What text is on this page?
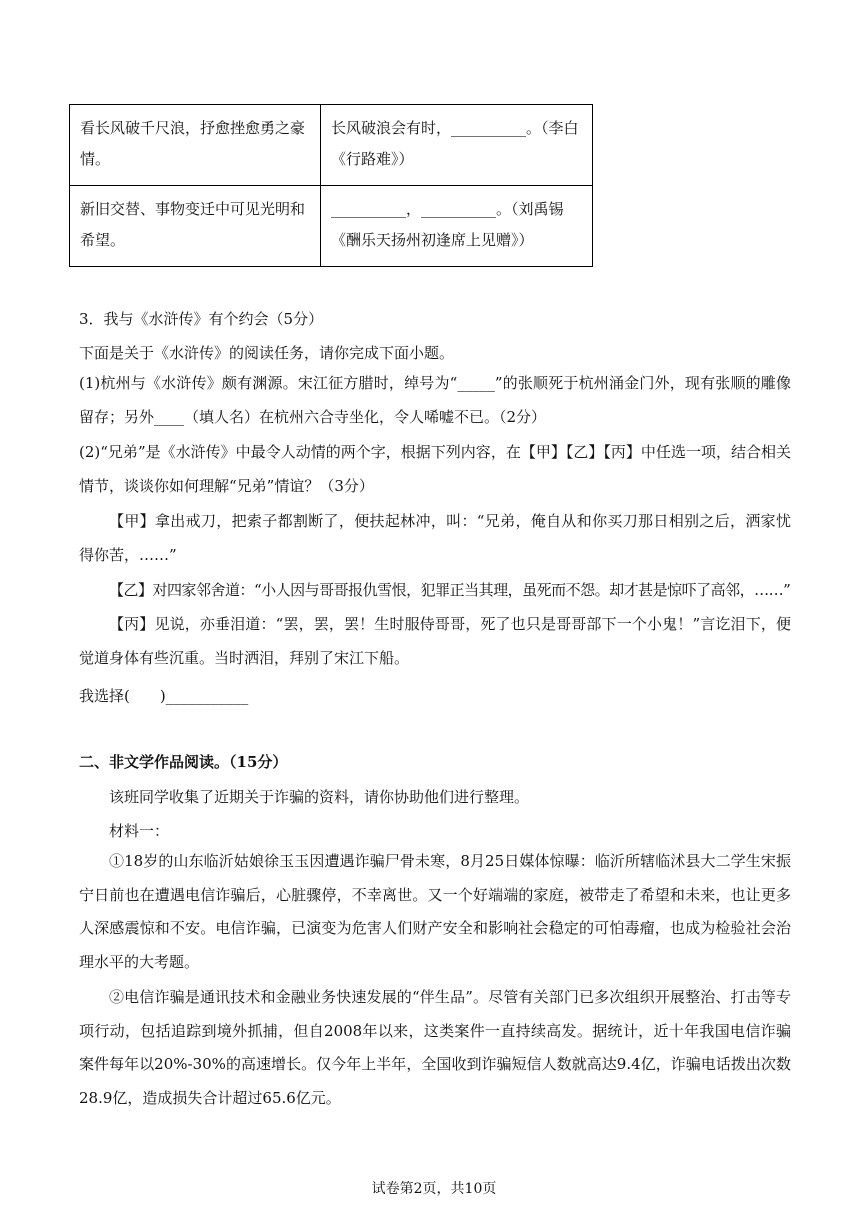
看长风破千尺浪，抒愈挫愈勇之豪情。	长风破浪会有时，__________。（李白《行路难》）
新旧交替、事物变迁中可见光明和希望。	__________，__________。（刘禹锡《酬乐天扬州初逢席上见赠》）
3．我与《水浒传》有个约会（5分）
下面是关于《水浒传》的阅读任务，请你完成下面小题。
(1)杭州与《水浒传》颇有渊源。宋江征方腊时，绰号为“_____”的张顺死于杭州涌金门外，现有张顺的雕像留存；另外____（填人名）在杭州六合寺坐化，令人唏嘘不已。（2分）
(2)“兄弟”是《水浒传》中最令人动情的两个字，根据下列内容，在【甲】【乙】【丙】中任选一项，结合相关情节，谈谈你如何理解“兄弟”情谊？（3分）
【甲】拿出戒刀，把索子都割断了，便扶起林冲，叫：“兄弟，俺自从和你买刀那日相别之后，洒家忧得你苦，……”
【乙】对四家邻舍道：“小人因与哥哥报仇雪恨，犯罪正当其理，虽死而不怨。却才甚是惊吓了高邻，……”
【丙】见说，亦垂泪道：“罢，罢，罢！生时服侍哥哥，死了也只是哥哥部下一个小鬼！”言讫泪下，便觉道身体有些沉重。当时洒泪，拜别了宋江下船。
我选择(　　)___________
二、非文学作品阅读。（15分）
该班同学收集了近期关于诈骗的资料，请你协助他们进行整理。
材料一：
①18岁的山东临沂姑娘徐玉玉因遭遇诈骗尸骨未寒，8月25日媒体惊曝：临沂所辖临沭县大二学生宋振宁日前也在遭遇电信诈骗后，心脏骤停，不幸离世。又一个好端端的家庭，被带走了希望和未来，也让更多人深感震惊和不安。电信诈骗，已演变为危害人们财产安全和影响社会稳定的可怕毒瘤，也成为检验社会治理水平的大考题。
②电信诈骗是通讯技术和金融业务快速发展的“伴生品”。尽管有关部门已多次组织开展整治、打击等专项行动，包括追踪到境外抓捕，但自2008年以来，这类案件一直持续高发。据统计，近十年我国电信诈骗案件每年以20%-30%的高速增长。仅今年上半年，全国收到诈骗短信人数就高达9.4亿，诈骗电话拨出次数28.9亿，造成损失合计超过65.6亿元。
试卷第2页，共10页
